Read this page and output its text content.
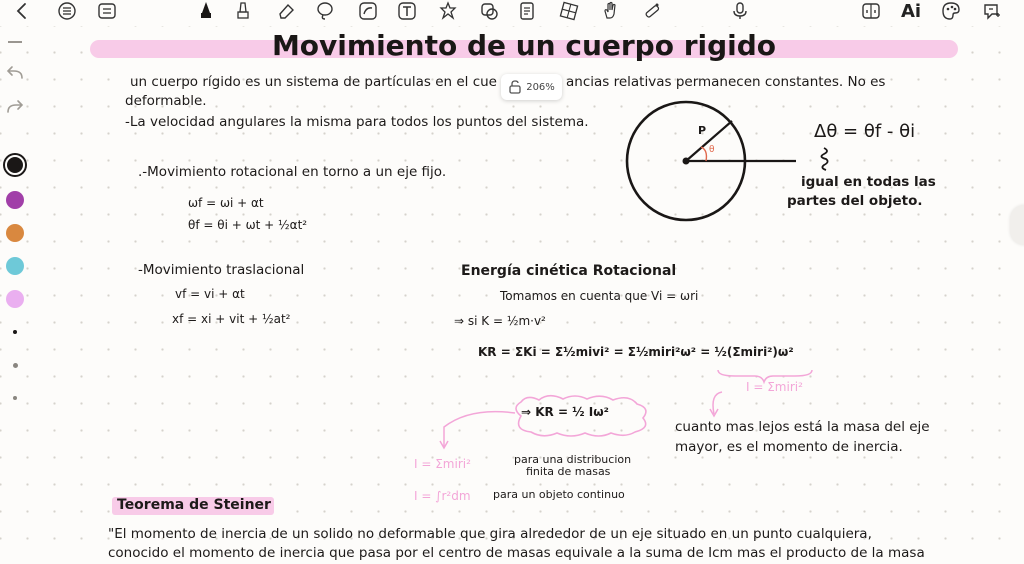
Ai
Movimiento de un cuerpo rigido
un cuerpo rígido es un sistema de partículas en el cue	ancias relativas permanecen constantes. No es
deformable.
-La velocidad angulares la misma para todos los puntos del sistema.
206%
.-Movimiento rotacional en torno a un eje fijo.
ωf = ωi + αt
θf = θi + ωt + ½αt²
-Movimiento traslacional
vf = vi + αt
xf = xi + vit + ½at²
P
θ
Δθ = θf - θi
igual en todas las
partes del objeto.
Energía cinética Rotacional
Tomamos en cuenta que Vi = ωri
⇒ si K = ½m·v²
KR = ΣKi = Σ½mivi² = Σ½miri²ω² = ½(Σmiri²)ω²
I = Σmiri²
⇒ KR = ½ Iω²
cuanto mas lejos está la masa del eje
mayor, es el momento de inercia.
I = Σmiri²
I = ∫r²dm
para una distribucion
finita de masas
para un objeto continuo
Teorema de Steiner
"El momento de inercia de un solido no deformable que gira alrededor de un eje situado en un punto cualquiera,
conocido el momento de inercia que pasa por el centro de masas equivale a la suma de Icm mas el producto de la masa
